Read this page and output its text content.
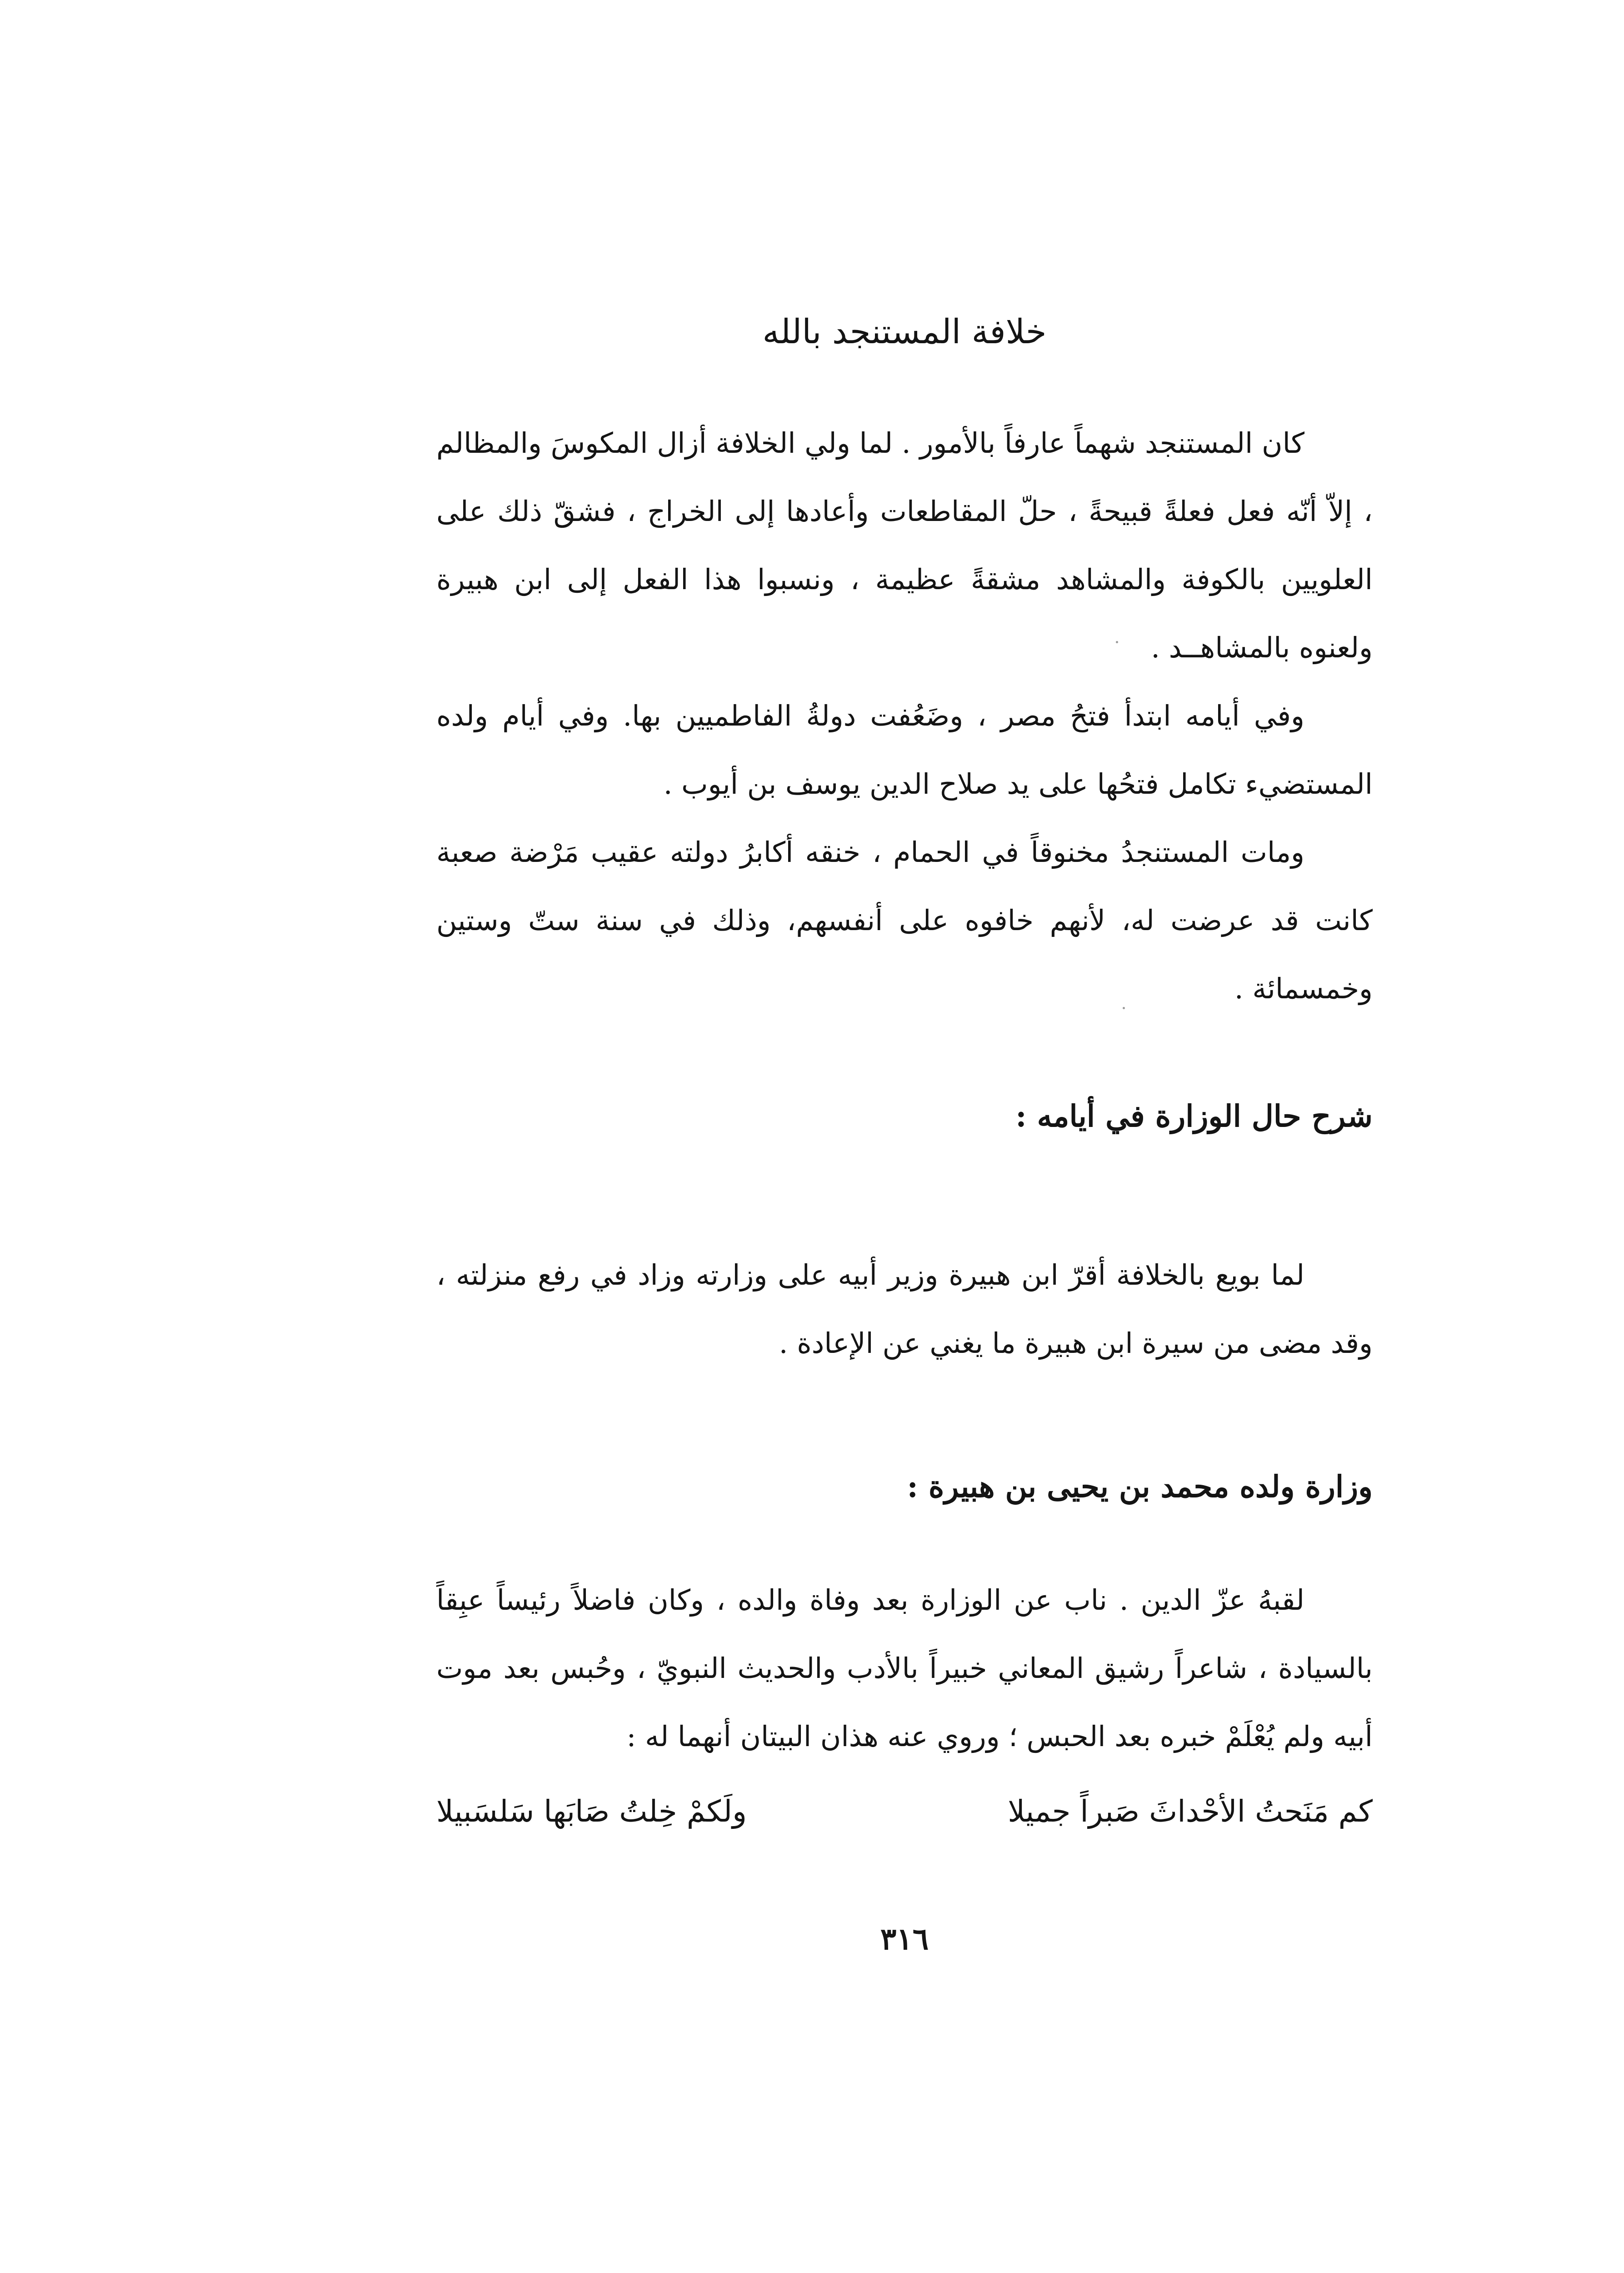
خلافة المستنجد بالله

كان المستنجد شهماً عارفاً بالأمور . لما ولي الخلافة أزال المكوسَ والمظالم ، إلاّ أنّه فعل فعلةً قبيحةً ، حلّ المقاطعات وأعادها إلى الخراج ، فشقّ ذلك على العلويين بالكوفة والمشاهد مشقةً عظيمة ، ونسبوا هذا الفعل إلى ابن هبيرة ولعنوه بالمشاهــد .

وفي أيامه ابتدأ فتحُ مصر ، وضَعُفت دولةُ الفاطميين بها. وفي أيام ولده المستضيء تكامل فتحُها على يد صلاح الدين يوسف بن أيوب .

ومات المستنجدُ مخنوقاً في الحمام ، خنقه أكابرُ دولته عقيب مَرْضة صعبة كانت قد عرضت له، لأنهم خافوه على أنفسهم، وذلك في سنة ستّ وستين وخمسمائة .

شرح حال الوزارة في أيامه :

لما بويع بالخلافة أقرّ ابن هبيرة وزير أبيه على وزارته وزاد في رفع منزلته ، وقد مضى من سيرة ابن هبيرة ما يغني عن الإعادة .

وزارة ولده محمد بن يحيى بن هبيرة :
كم مَنَحتُ الأحْداثَ صَبراً جميلا
ولَكمْ خِلتُ صَابَها سَلسَبيلا
٣١٦

لقبهُ عزّ الدين . ناب عن الوزارة بعد وفاة والده ، وكان فاضلاً رئيساً عبِقاً بالسيادة ، شاعراً رشيق المعاني خبيراً بالأدب والحديث النبويّ ، وحُبس بعد موت أبيه ولم يُعْلَمْ خبره بعد الحبس ؛ وروي عنه هذان البيتان أنهما له :
